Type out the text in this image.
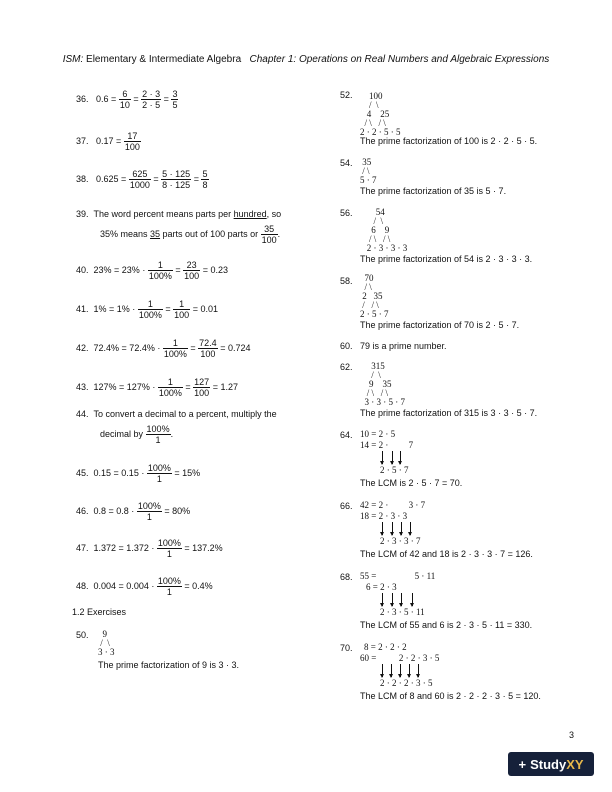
ISM: Elementary & Intermediate Algebra Chapter 1: Operations on Real Numbers and Algebraic Expressions
36. $0.6 = \frac{6}{10} = \frac{2 \cdot 3}{2 \cdot 5} = \frac{3}{5}$
37. $0.17 = \frac{17}{100}$
38. $0.625 = \frac{625}{1000} = \frac{5 \cdot 125}{8 \cdot 125} = \frac{5}{8}$
39. The word percent means parts per hundred, so
35% means 35 parts out of 100 parts or $\frac{35}{100}$ .
40. $23\% = 23\% \cdot \frac{1}{100\%} = \frac{23}{100} = 0.23$
41. $1\% = 1\% \cdot \frac{1}{100\%} = \frac{1}{100} = 0.01$
42. $72.4\% = 72.4\% \cdot \frac{1}{100\%} = \frac{72.4}{100} = 0.724$
43. $127\% = 127\% \cdot \frac{1}{100\%} = \frac{127}{100} = 1.27$
44. To convert a decimal to a percent, multiply the
decimal by $\frac{100\%}{1}$ .
45. $0.15 = 0.15 \cdot \frac{100\%}{1} = 15\%$
46. $0.8 = 0.8 \cdot \frac{100\%}{1} = 80\%$
47. $1.372 = 1.372 \cdot \frac{100\%}{1} = 137.2\%$
48. $0.004 = 0.004 \cdot \frac{100\%}{1} = 0.4\%$
1.2 Exercises
50.	9
/  \
3 · 3
The prime factorization of 9 is 3 · 3.
52.	100
/  \
4    25
/ \   / \
2 · 2 · 5 · 5
The prime factorization of 100 is 2 · 2 · 5 · 5.
54. 35
/ \
5 · 7
The prime factorization of 35 is 5 · 7.
56.	54
/  \
6    9
/ \   / \
2 · 3 · 3 · 3
The prime factorization of 54 is 2 · 3 · 3 · 3.
58.	70
/ \
2   35
/   / \
2 · 5 · 7
The prime factorization of 70 is 2 · 5 · 7.
60. 79 is a prime number.
62.	315
/  \
9    35
/ \   / \
3 · 3 · 5 · 7
The prime factorization of 315 is 3 · 3 · 5 · 7.
64. 10 = 2 · 5
14 = 2 ·         7
2 · 5 · 7
The LCM is 2 · 5 · 7 = 70.
66. 42 = 2 ·         3 · 7
18 = 2 · 3 · 3
2 · 3 · 3 · 7
The LCM of 42 and 18 is 2 · 3 · 3 · 7 = 126.
68. 55 =                 5 · 11
6 = 2 · 3
2 · 3 · 5 · 11
The LCM of 55 and 6 is 2 · 3 · 5 · 11 = 330.
70. 8 = 2 · 2 · 2
60 =          2 · 2 · 3 · 5
2 · 2 · 2 · 3 · 5
The LCM of 8 and 60 is 2 · 2 · 2 · 3 · 5 = 120.
3
+ Study XY
